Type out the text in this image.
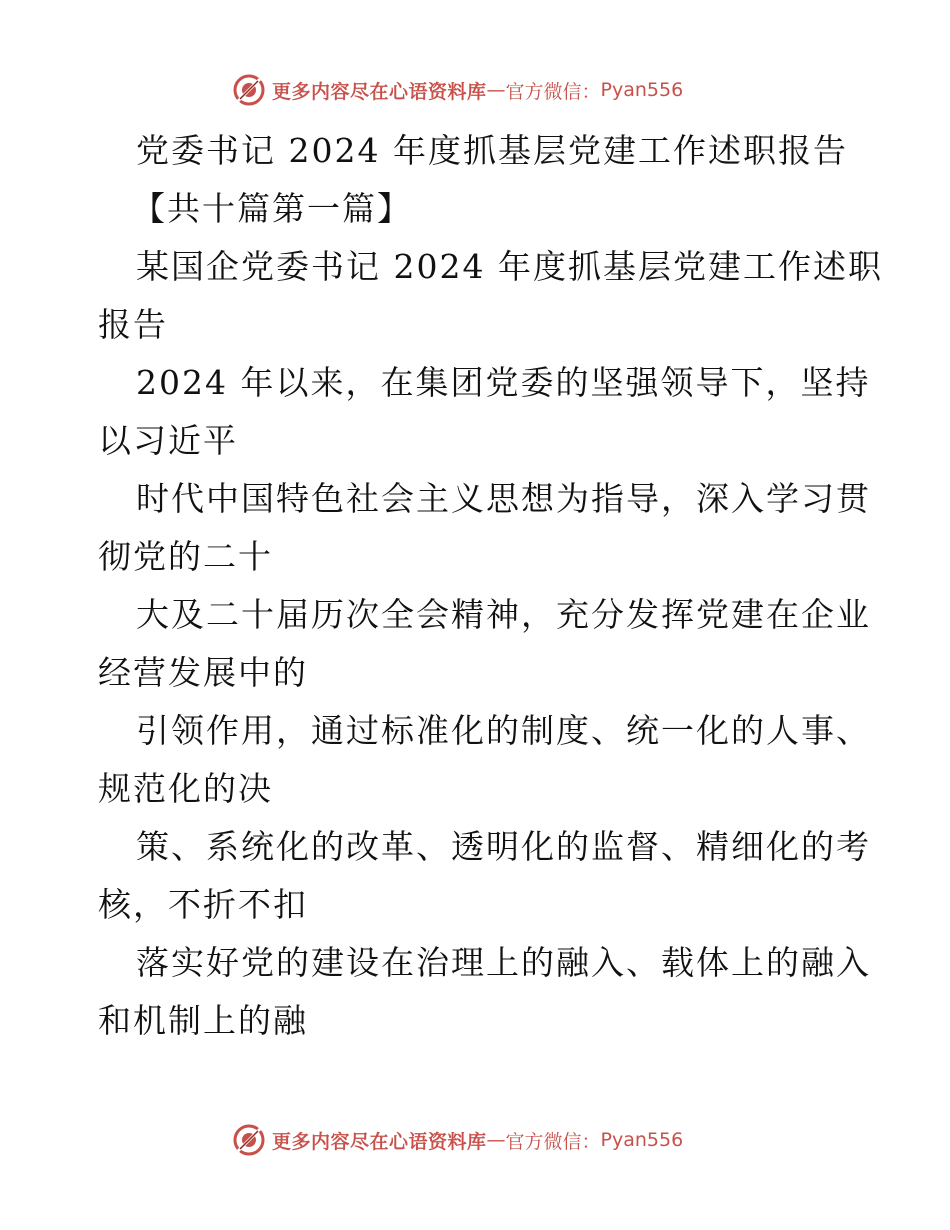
更多内容尽在心语资料库 — 官方微信： Pyan556
党委书记 2024 年度抓基层党建工作述职报告
【共十篇第一篇】
某国企党委书记 2024 年度抓基层党建工作述职
报告
2024 年以来，在集团党委的坚强领导下，坚持
以习近平
时代中国特色社会主义思想为指导，深入学习贯
彻党的二十
大及二十届历次全会精神，充分发挥党建在企业
经营发展中的
引领作用，通过标准化的制度、统一化的人事、
规范化的决
策、系统化的改革、透明化的监督、精细化的考
核，不折不扣
落实好党的建设在治理上的融入、载体上的融入
和机制上的融
更多内容尽在心语资料库 — 官方微信： Pyan556
